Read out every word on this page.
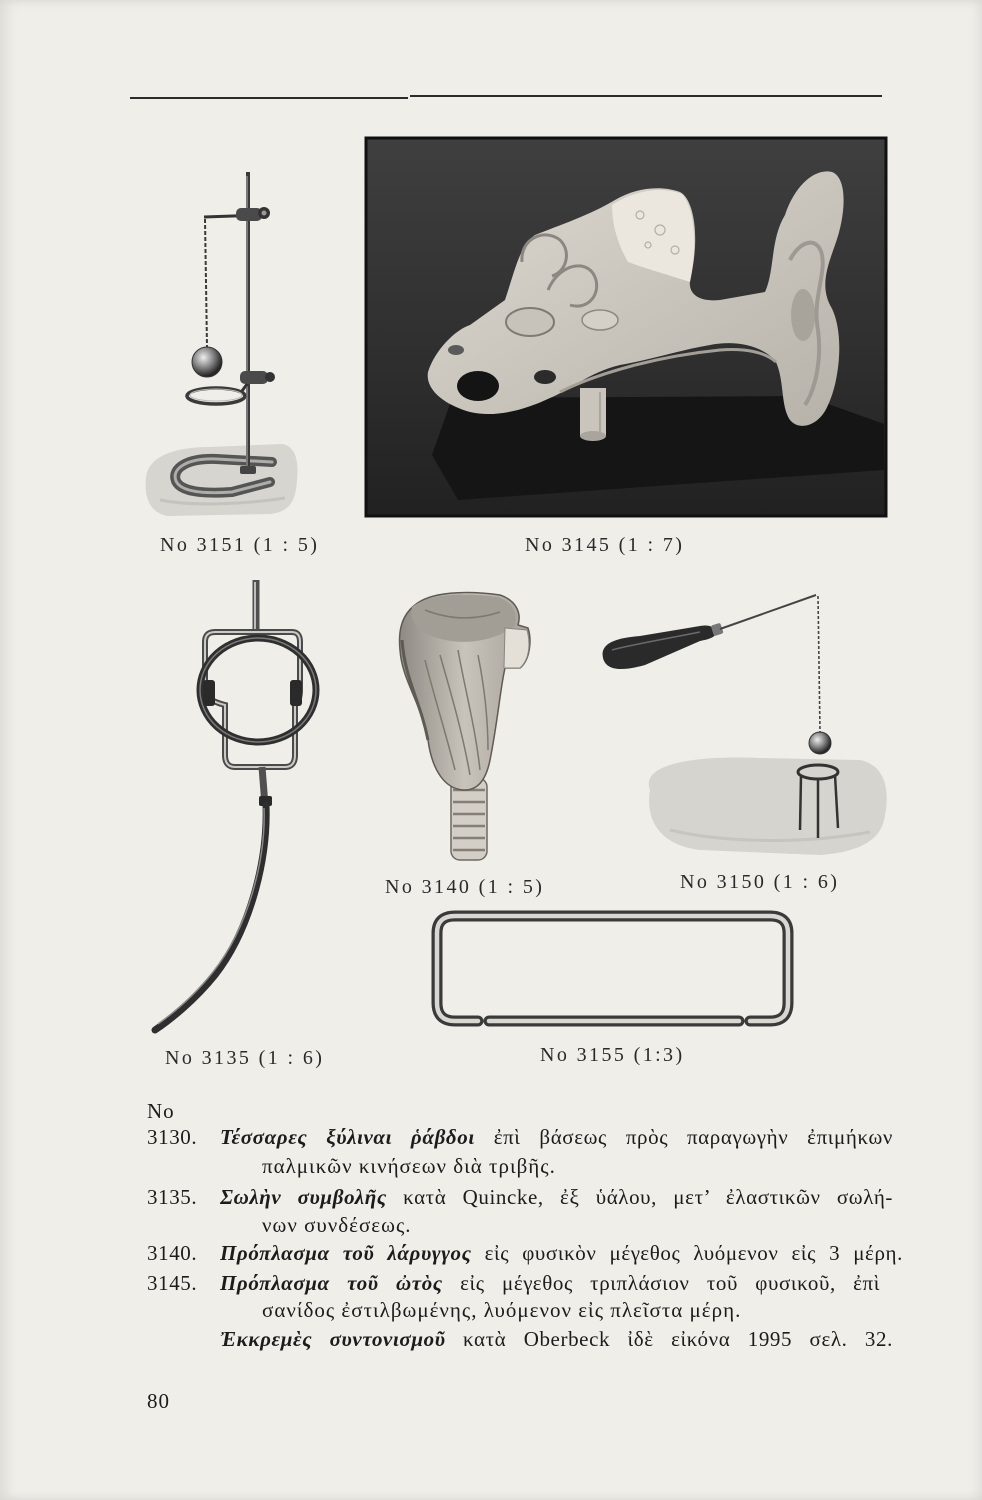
No 3151 (1 : 5)	No 3145 (1 : 7)
No 3135 (1 : 6)
No 3140 (1 : 5)	No 3150 (1 : 6)
No 3155 (1:3)
No
3130.	Τέσσαρες ξύλιναι ῥάβδοι ἐπὶ βάσεως πρὸς παραγωγὴν ἐπιμήκων
παλμικῶν κινήσεων διὰ τριβῆς.
3135.	Σωλὴν συμβολῆς κατὰ Quincke, ἐξ ὑάλου, μετ’ ἐλαστικῶν σωλή-
νων συνδέσεως.
3140.	Πρόπλασμα τοῦ λάρυγγος εἰς φυσικὸν μέγεθος λυόμενον εἰς 3 μέρη.
3145.	Πρόπλασμα τοῦ ὠτὸς εἰς μέγεθος τριπλάσιον τοῦ φυσικοῦ, ἐπὶ
σανίδος ἐστιλβωμένης, λυόμενον εἰς πλεῖστα μέρη.
Ἐκκρεμὲς συντονισμοῦ κατὰ Oberbeck ἰδὲ εἰκόνα 1995 σελ. 32.
80
